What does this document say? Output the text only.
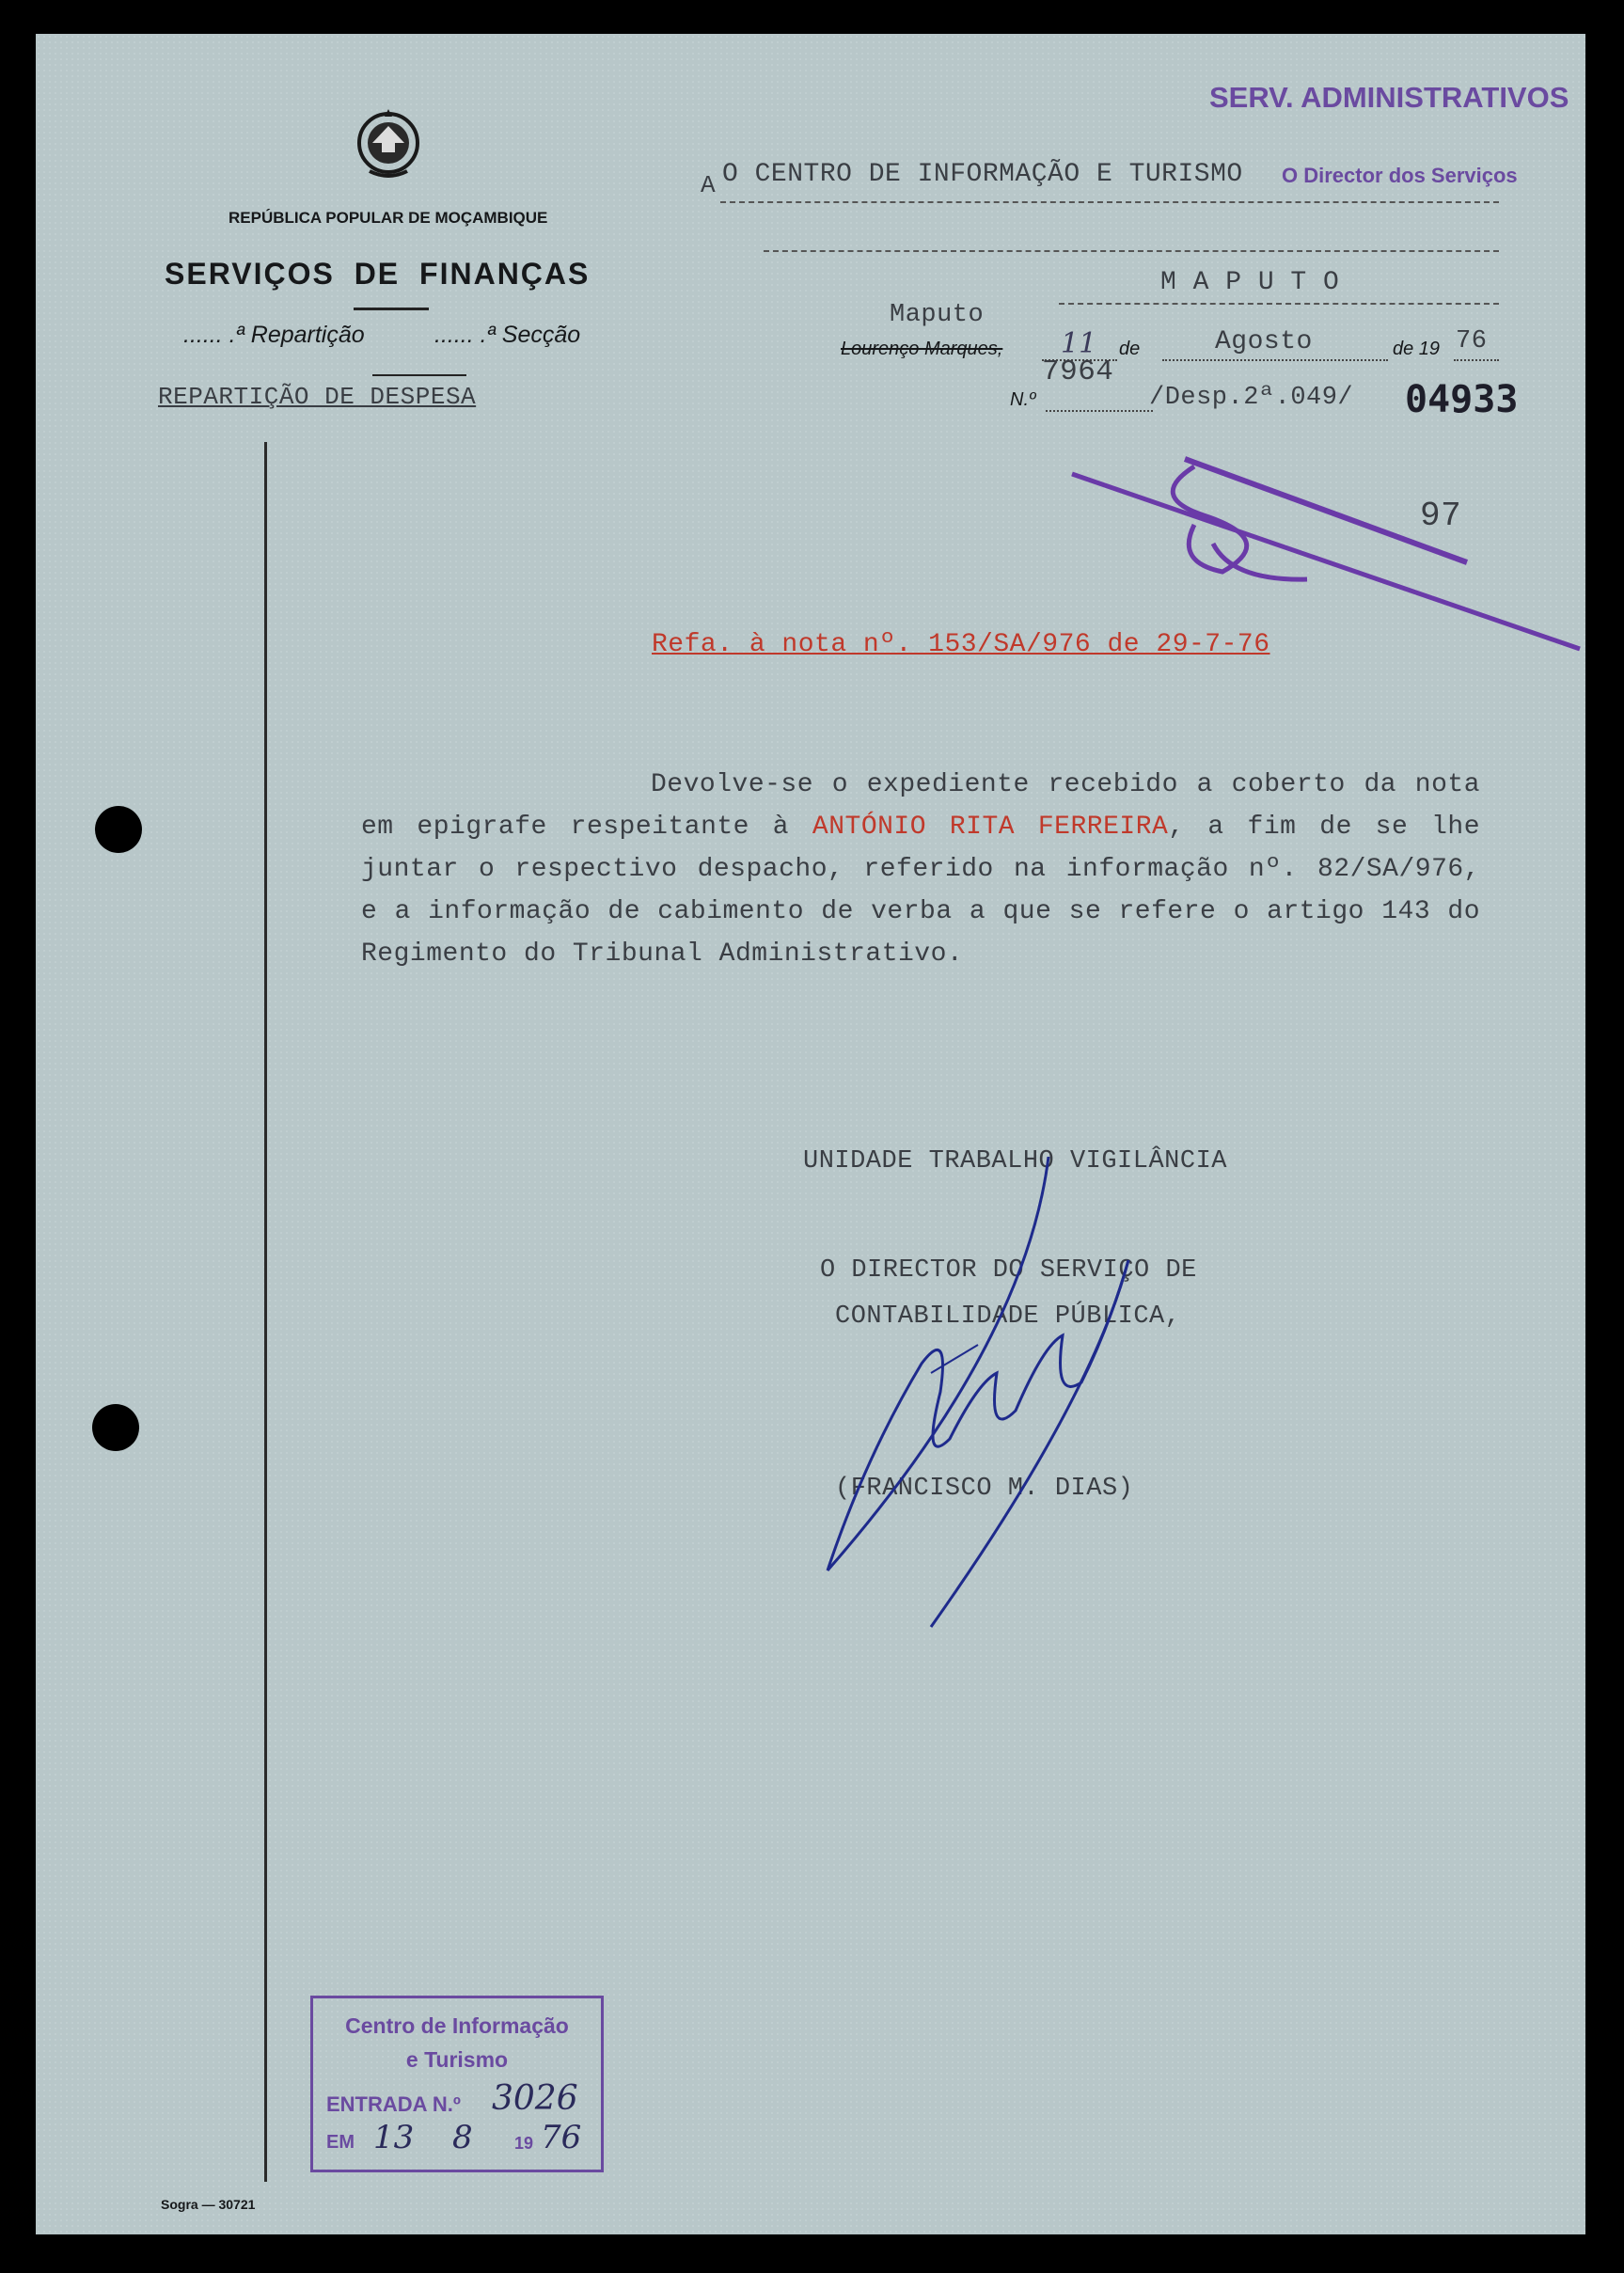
REPÚBLICA POPULAR DE MOÇAMBIQUE
SERVIÇOS DE FINANÇAS
...... .ª Repartição	...... .ª Secção
REPARTIÇÃO DE DESPESA
SERV. ADMINISTRATIVOS
A O CENTRO DE INFORMAÇÃO E TURISMO O Director dos Serviços
M A P U T O
Maputo
Lourenço Marques, 11 de	Agosto	de 19 76
7964
N.º	/Desp.2ª.049/ 04933
97
Refa. à nota nº. 153/SA/976 de 29-7-76
Devolve-se o expediente recebido a coberto da nota em epigrafe respeitante à ANTÓNIO RITA FERREIRA, a fim de se lhe juntar o respectivo despacho, referido na informação nº. 82/SA/976, e a informação de cabimento de verba a que se refere o artigo 143 do Regimento do Tribunal Administrativo.
UNIDADE TRABALHO VIGILÂNCIA
O DIRECTOR DO SERVIÇO DE
CONTABILIDADE PÚBLICA,
(FRANCISCO M. DIAS)
Centro de Informação
e Turismo
ENTRADA N.º 3026
EM 13 8 19 76
Sogra — 30721
